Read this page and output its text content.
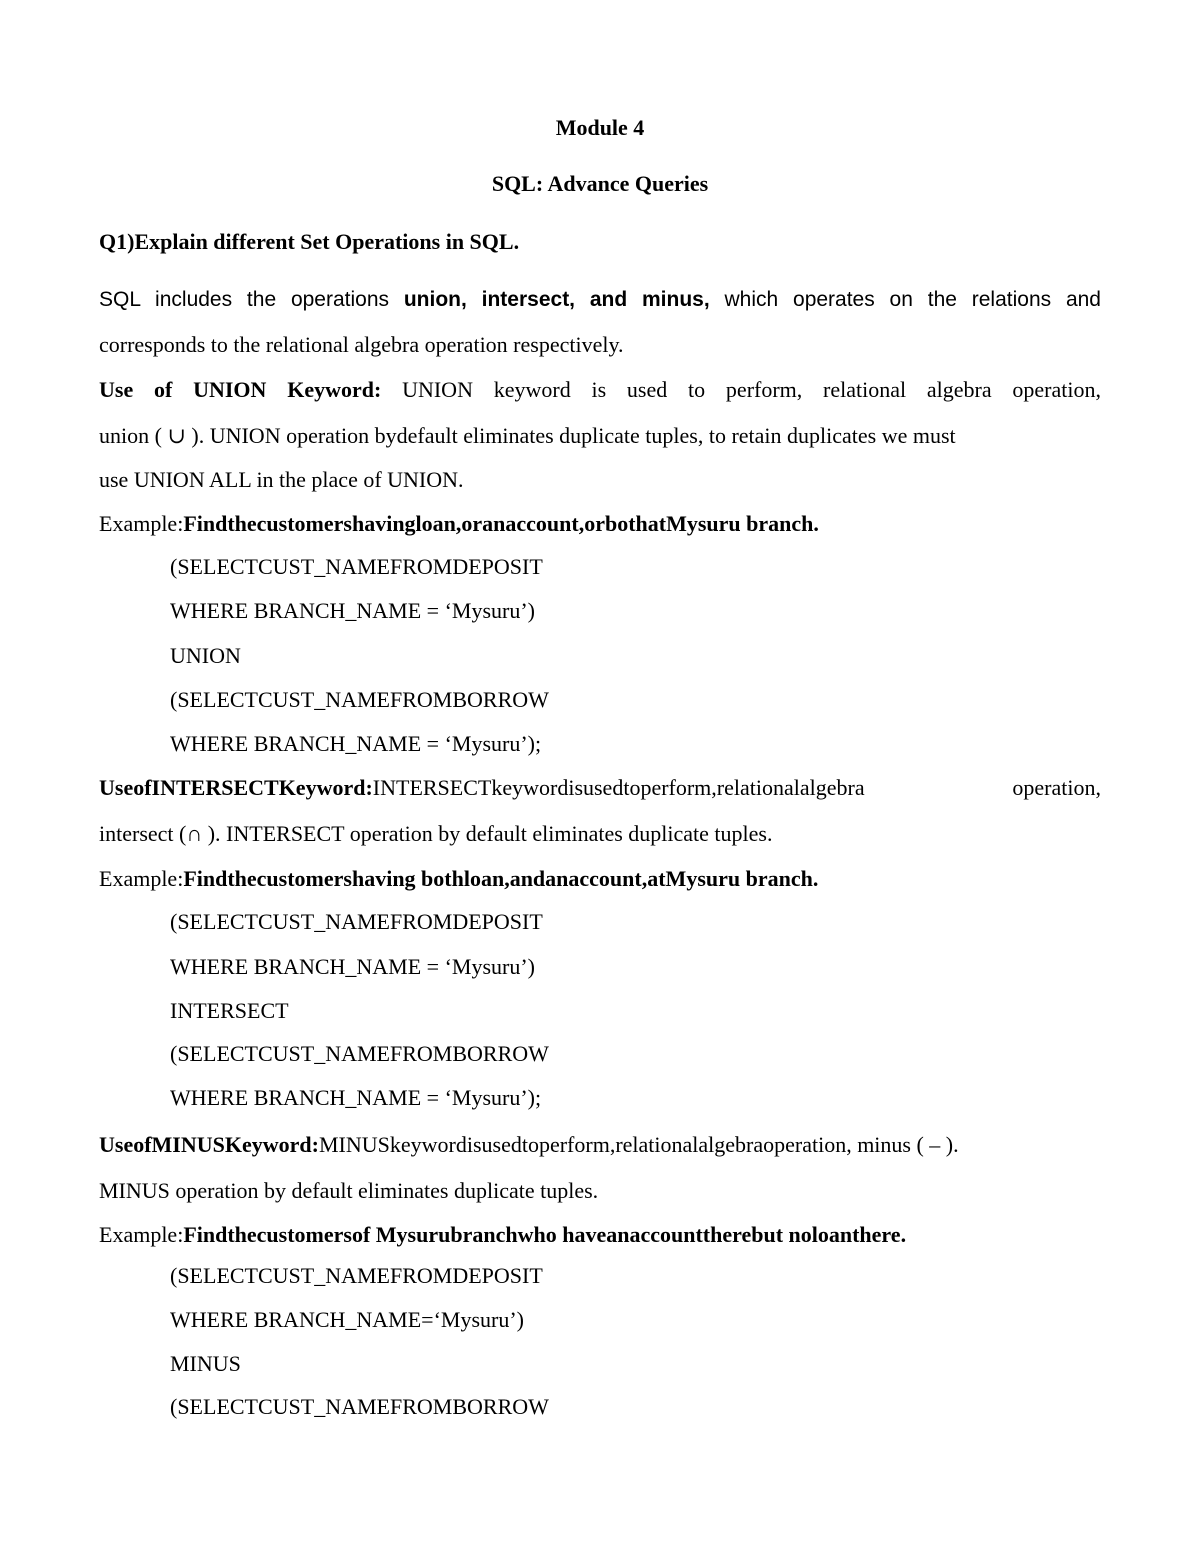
Module 4
SQL: Advance Queries
Q1)Explain different Set Operations in SQL.
SQL includes the operations union, intersect, and minus, which operates on the relations and
corresponds to the relational algebra operation respectively.
Use of UNION Keyword: UNION keyword is used to perform, relational algebra operation,
union ( ∪ ). UNION operation bydefault eliminates duplicate tuples, to retain duplicates we must
use UNION ALL in the place of UNION.
Example:Findthecustomershavingloan,oranaccount,orbothatMysuru branch.
(SELECTCUST_NAMEFROMDEPOSIT
WHERE BRANCH_NAME = ‘Mysuru’)
UNION
(SELECTCUST_NAMEFROMBORROW
WHERE BRANCH_NAME = ‘Mysuru’);
UseofINTERSECTKeyword:INTERSECTkeywordisusedtoperform,relationalalgebra operation,
intersect (∩ ). INTERSECT operation by default eliminates duplicate tuples.
Example:Findthecustomershaving bothloan,andanaccount,atMysuru branch.
(SELECTCUST_NAMEFROMDEPOSIT
WHERE BRANCH_NAME = ‘Mysuru’)
INTERSECT
(SELECTCUST_NAMEFROMBORROW
WHERE BRANCH_NAME = ‘Mysuru’);
UseofMINUSKeyword:MINUSkeywordisusedtoperform,relationalalgebraoperation, minus ( – ).
MINUS operation by default eliminates duplicate tuples.
Example:Findthecustomersof Mysurubranchwho haveanaccounttherebut noloanthere.
(SELECTCUST_NAMEFROMDEPOSIT
WHERE BRANCH_NAME=‘Mysuru’)
MINUS
(SELECTCUST_NAMEFROMBORROW
